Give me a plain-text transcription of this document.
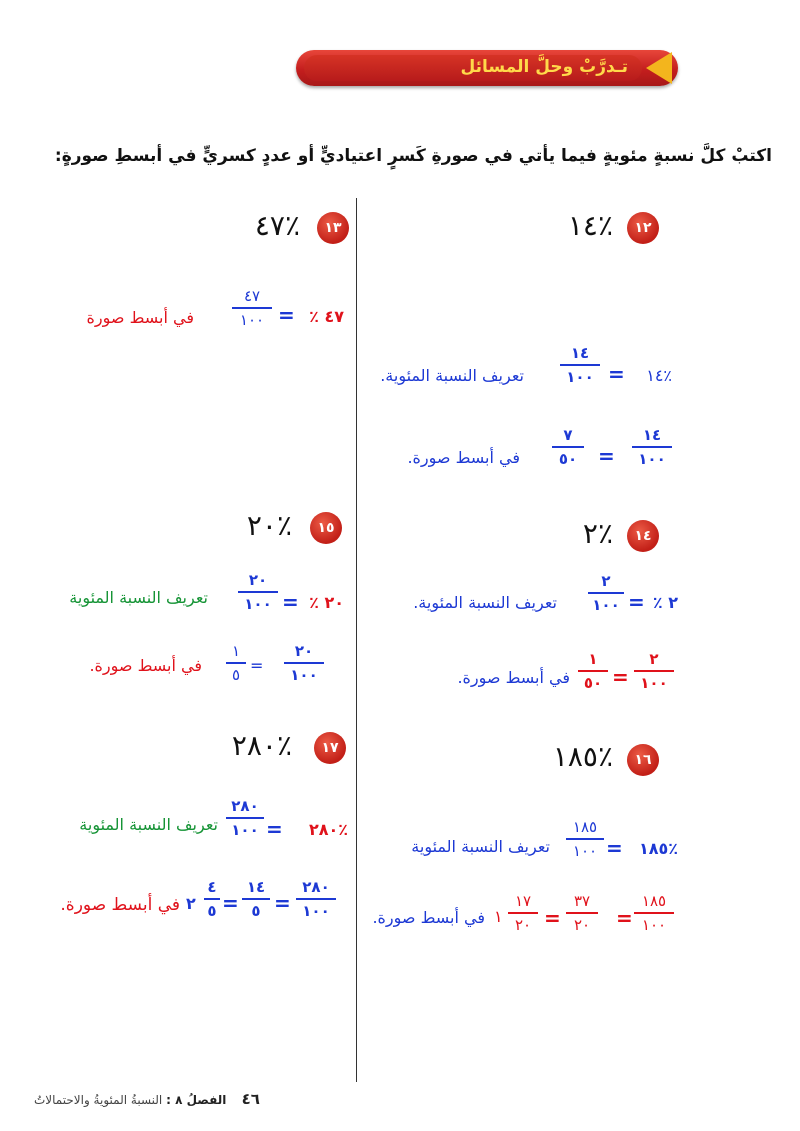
تـدرَّبْ وحلَّ المسائل
اكتبْ كلَّ نسبةٍ مئويةٍ فيما يأتي في صورةِ كَسرٍ اعتياديٍّ أو عددٍ كسريٍّ في أبسطِ صورةٍ:
١٢
٪١٤
٪١٤
=
١٤
١٠٠
تعريف النسبة المئوية.
١٤
١٠٠
=
٧
٥٠
في أبسط صورة.
١٣
٪٤٧
٤٧ ٪
=
٤٧
١٠٠
في أبسط صورة
١٤
٪٢
٢ ٪
=
٢
١٠٠
تعريف النسبة المئوية.
٢
١٠٠
=
١
٥٠
في أبسط صورة.
١٥
٪٢٠
٢٠ ٪
=
٢٠
١٠٠
تعريف النسبة المئوية
٢٠
١٠٠
=
١
٥
في أبسط صورة.
١٦
٪١٨٥
٪١٨٥
=
١٨٥
١٠٠
تعريف النسبة المئوية
١٨٥
١٠٠
=
٣٧
٢٠
=
١٧
٢٠
١
في أبسط صورة.
١٧
٪٢٨٠
٪٢٨٠
=
٢٨٠
١٠٠
تعريف النسبة المئوية
٢٨٠
١٠٠
=
١٤
٥
=
٤
٥
٢
في أبسط صورة.
٤٦    الفصلُ ٨ : النسبةُ المئويةُ والاحتمالاتُ
